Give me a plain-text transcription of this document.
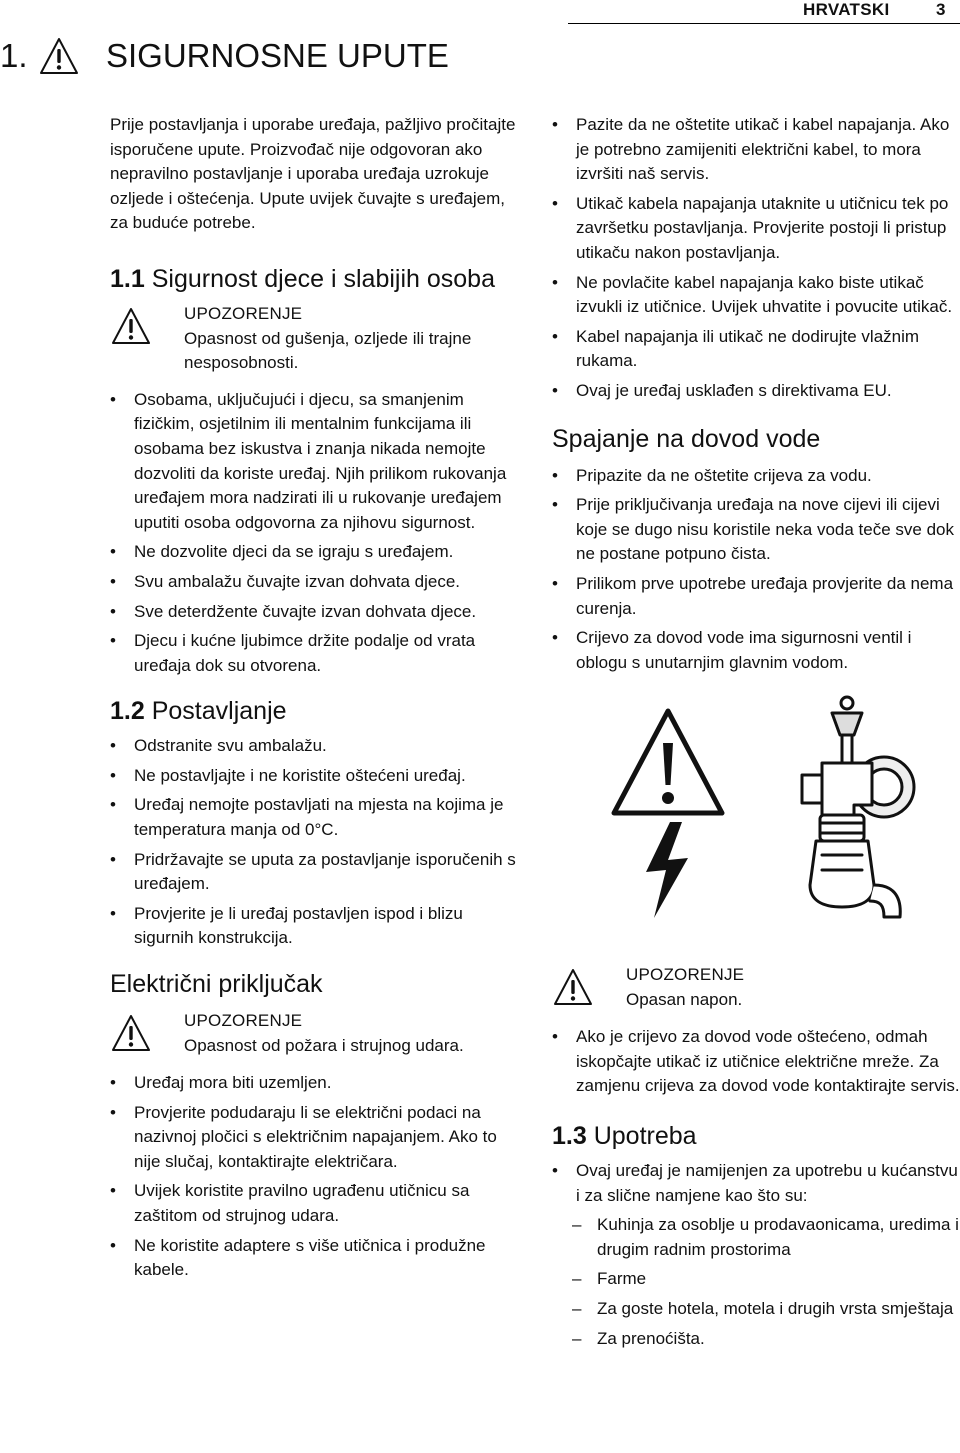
HRVATSKI	3
1. SIGURNOSNE UPUTE

Prije postavljanja i uporabe uređaja, pažljivo pročitajte isporučene upute. Proizvođač nije odgovoran ako nepravilno postavljanje i uporaba uređaja uzrokuje ozljede i oštećenja. Upute uvijek čuvajte s uređajem, za buduće potrebe.

1.1 Sigurnost djece i slabijih osoba
UPOZORENJE
Opasnost od gušenja, ozljede ili trajne nesposobnosti.
• Osobama, uključujući i djecu, sa smanjenim fizičkim, osjetilnim ili mentalnim funkcijama ili osobama bez iskustva i znanja nikada nemojte dozvoliti da koriste uređaj. Njih prilikom rukovanja uređajem mora nadzirati ili u rukovanje uređajem uputiti osoba odgovorna za njihovu sigurnost.
• Ne dozvolite djeci da se igraju s uređajem.
• Svu ambalažu čuvajte izvan dohvata djece.
• Sve deterdžente čuvajte izvan dohvata djece.
• Djecu i kućne ljubimce držite podalje od vrata uređaja dok su otvorena.
1.2 Postavljanje
• Odstranite svu ambalažu.
• Ne postavljajte i ne koristite oštećeni uređaj.
• Uređaj nemojte postavljati na mjesta na kojima je temperatura manja od 0°C.
• Pridržavajte se uputa za postavljanje isporučenih s uređajem.
• Provjerite je li uređaj postavljen ispod i blizu sigurnih konstrukcija.
Električni priključak
UPOZORENJE
Opasnost od požara i strujnog udara.
• Uređaj mora biti uzemljen.
• Provjerite podudaraju li se električni podaci na nazivnoj pločici s električnim napajanjem. Ako to nije slučaj, kontaktirajte električara.
• Uvijek koristite pravilno ugrađenu utičnicu sa zaštitom od strujnog udara.
• Ne koristite adaptere s više utičnica i produžne kabele.
• Pazite da ne oštetite utikač i kabel napajanja. Ako je potrebno zamijeniti električni kabel, to mora izvršiti naš servis.
• Utikač kabela napajanja utaknite u utičnicu tek po završetku postavljanja. Provjerite postoji li pristup utikaču nakon postavljanja.
• Ne povlačite kabel napajanja kako biste utikač izvukli iz utičnice. Uvijek uhvatite i povucite utikač.
• Kabel napajanja ili utikač ne dodirujte vlažnim rukama.
• Ovaj je uređaj usklađen s direktivama EU.
Spajanje na dovod vode
• Pripazite da ne oštetite crijeva za vodu.
• Prije priključivanja uređaja na nove cijevi ili cijevi koje se dugo nisu koristile neka voda teče sve dok ne postane potpuno čista.
• Prilikom prve upotrebe uređaja provjerite da nema curenja.
• Crijevo za dovod vode ima sigurnosni ventil i oblogu s unutarnjim glavnim vodom.
UPOZORENJE
Opasan napon.
• Ako je crijevo za dovod vode oštećeno, odmah iskopčajte utikač iz utičnice električne mreže. Za zamjenu crijeva za dovod vode kontaktirajte servis.
1.3 Upotreba
• Ovaj uređaj je namijenjen za upotrebu u kućanstvu i za slične namjene kao što su:
– Kuhinja za osoblje u prodavaonicama, uredima i drugim radnim prostorima
– Farme
– Za goste hotela, motela i drugih vrsta smještaja
– Za prenoćišta.
